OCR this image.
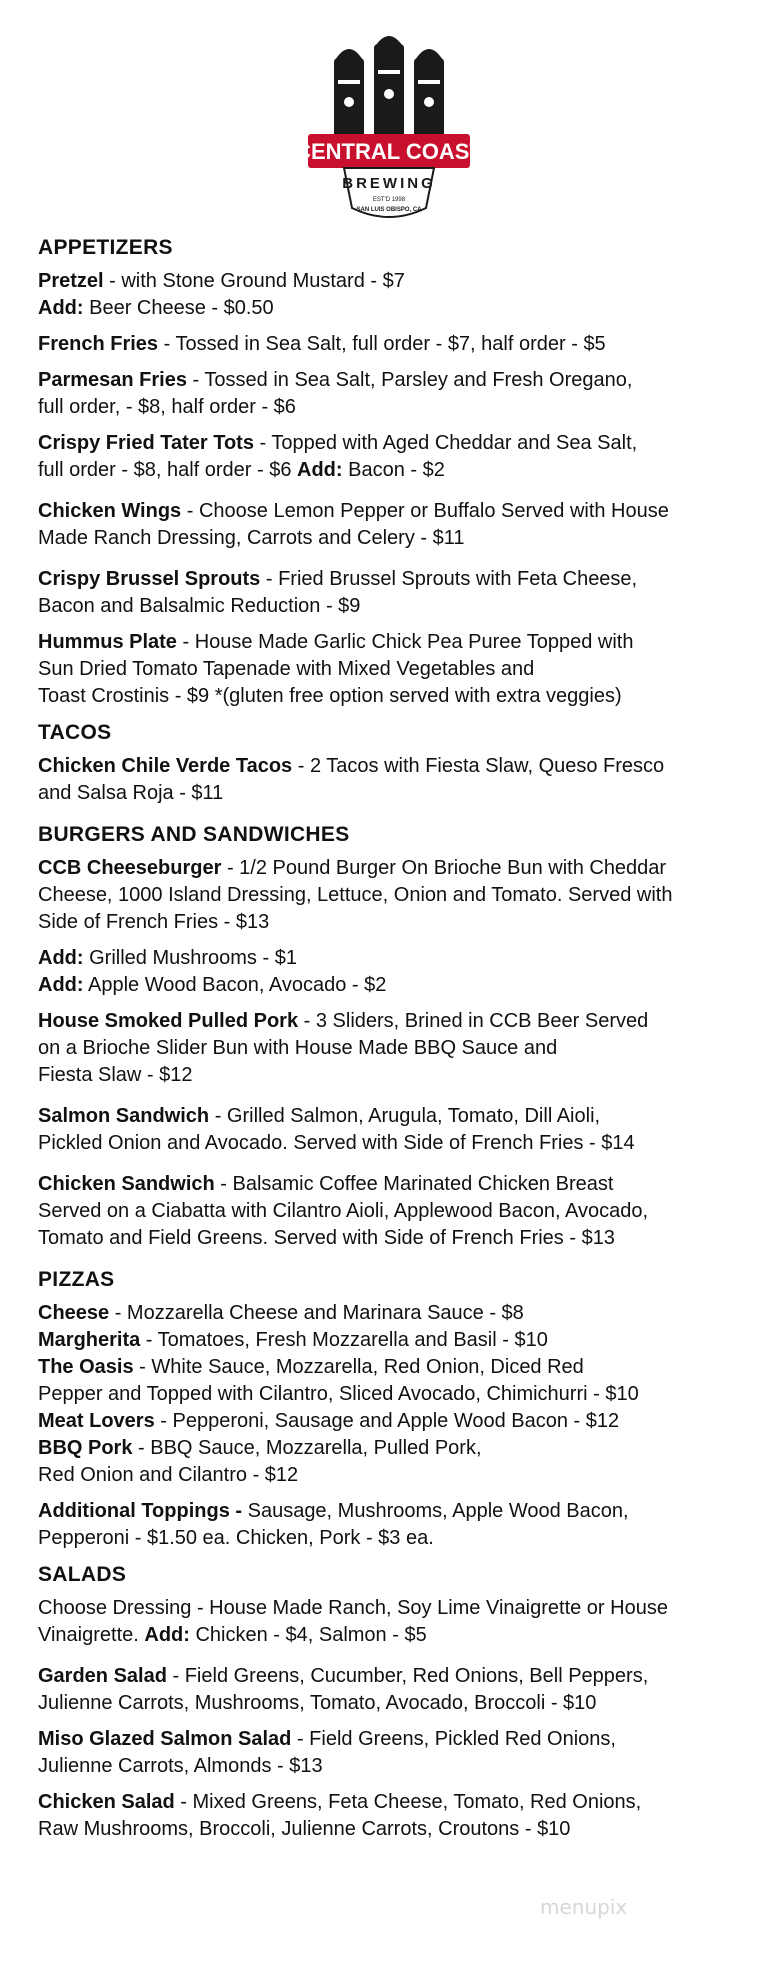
CENTRAL COAST
BREWING
EST'D 1998
SAN LUIS OBISPO, CA
APPETIZERS
Pretzel - with Stone Ground Mustard - $7
Add: Beer Cheese - $0.50
French Fries - Tossed in Sea Salt, full order - $7, half order - $5
Parmesan Fries - Tossed in Sea Salt, Parsley and Fresh Oregano,
full order, - $8, half order - $6
Crispy Fried Tater Tots - Topped with Aged Cheddar and Sea Salt,
full order - $8, half order - $6 Add: Bacon - $2
Chicken Wings - Choose Lemon Pepper or Buffalo Served with House
Made Ranch Dressing, Carrots and Celery - $11
Crispy Brussel Sprouts - Fried Brussel Sprouts with Feta Cheese,
Bacon and Balsalmic Reduction - $9
Hummus Plate - House Made Garlic Chick Pea Puree Topped with
Sun Dried Tomato Tapenade with Mixed Vegetables and
Toast Crostinis - $9 *(gluten free option served with extra veggies)
TACOS
Chicken Chile Verde Tacos - 2 Tacos with Fiesta Slaw, Queso Fresco
and Salsa Roja - $11
BURGERS AND SANDWICHES
CCB Cheeseburger - 1/2 Pound Burger On Brioche Bun with Cheddar
Cheese, 1000 Island Dressing, Lettuce, Onion and Tomato. Served with
Side of French Fries - $13
Add: Grilled Mushrooms - $1
Add: Apple Wood Bacon, Avocado - $2
House Smoked Pulled Pork - 3 Sliders, Brined in CCB Beer Served
on a Brioche Slider Bun with House Made BBQ Sauce and
Fiesta Slaw - $12
Salmon Sandwich - Grilled Salmon, Arugula, Tomato, Dill Aioli,
Pickled Onion and Avocado. Served with Side of French Fries - $14
Chicken Sandwich - Balsamic Coffee Marinated Chicken Breast
Served on a Ciabatta with Cilantro Aioli, Applewood Bacon, Avocado,
Tomato and Field Greens. Served with Side of French Fries - $13
PIZZAS
Cheese - Mozzarella Cheese and Marinara Sauce - $8
Margherita - Tomatoes, Fresh Mozzarella and Basil - $10
The Oasis - White Sauce, Mozzarella, Red Onion, Diced Red
Pepper and Topped with Cilantro, Sliced Avocado, Chimichurri - $10
Meat Lovers - Pepperoni, Sausage and Apple Wood Bacon - $12
BBQ Pork - BBQ Sauce, Mozzarella, Pulled Pork,
Red Onion and Cilantro - $12
Additional Toppings - Sausage, Mushrooms, Apple Wood Bacon,
Pepperoni - $1.50 ea. Chicken, Pork - $3 ea.
SALADS
Choose Dressing - House Made Ranch, Soy Lime Vinaigrette or House
Vinaigrette. Add: Chicken - $4, Salmon - $5
Garden Salad - Field Greens, Cucumber, Red Onions, Bell Peppers,
Julienne Carrots, Mushrooms, Tomato, Avocado, Broccoli - $10
Miso Glazed Salmon Salad - Field Greens, Pickled Red Onions,
Julienne Carrots, Almonds - $13
Chicken Salad - Mixed Greens, Feta Cheese, Tomato, Red Onions,
Raw Mushrooms, Broccoli, Julienne Carrots, Croutons - $10
menupix
